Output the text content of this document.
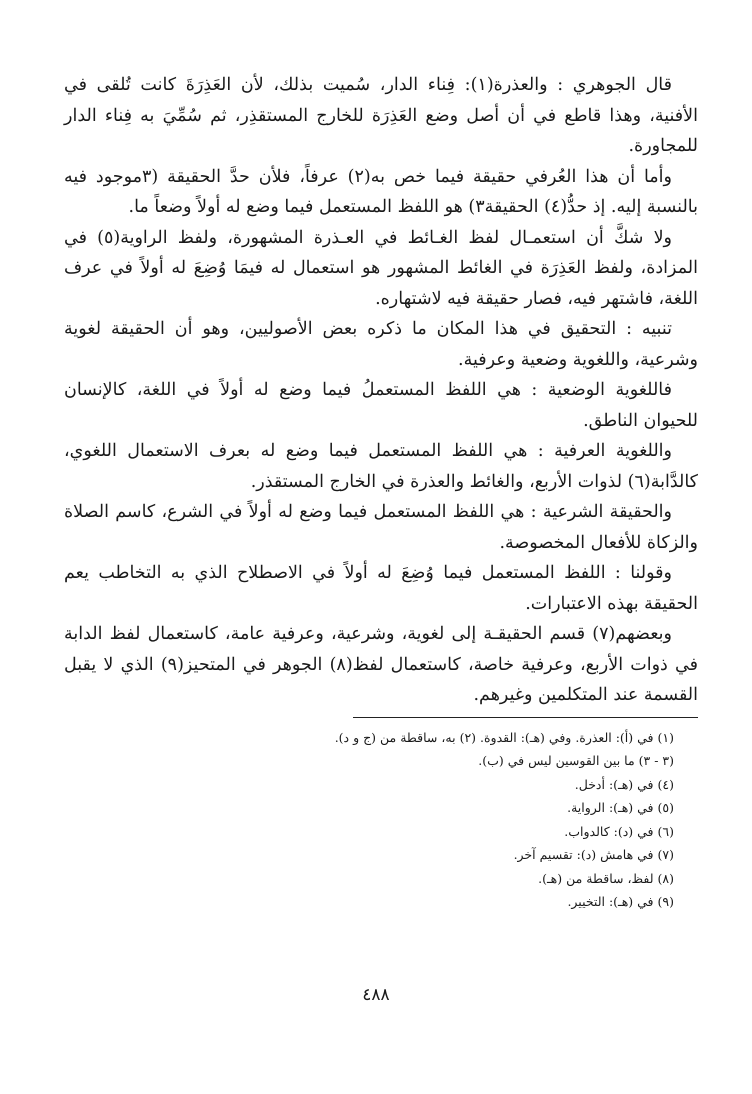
قال الجوهري : والعذرة(١): فِناء الدار، سُميت بذلك، لأن العَذِرَةَ كانت تُلقى في الأفنية، وهذا قاطع في أن أصل وضع العَذِرَة للخارج المستقذِر، ثم سُمِّيَ به فِناء الدار للمجاورة.

وأما أن هذا العُرفي حقيقة فيما خص به(٢) عرفاً، فلأن حدَّ الحقيقة (٣موجود فيه بالنسبة إليه. إذ حدُّ(٤) الحقيقة٣) هو اللفظ المستعمل فيما وضع له أولاً وضعاً ما.

ولا شكَّ أن استعمـال لفظ الغـائط في العـذرة المشهورة، ولفظ الراوية(٥) في المزادة، ولفظ العَذِرَة في الغائط المشهور هو استعمال له فيمَا وُضِعَ له أولاً في عرف اللغة، فاشتهر فيه، فصار حقيقة فيه لاشتهاره.

تنبيه : التحقيق في هذا المكان ما ذكره بعض الأصوليين، وهو أن الحقيقة لغوية وشرعية، واللغوية وضعية وعرفية.

فاللغوية الوضعية : هي اللفظ المستعملُ فيما وضع له أولاً في اللغة، كالإنسان للحيوان الناطق.

واللغوية العرفية : هي اللفظ المستعمل فيما وضع له بعرف الاستعمال اللغوي، كالدَّابة(٦) لذوات الأربع، والغائط والعذرة في الخارج المستقذر.

والحقيقة الشرعية : هي اللفظ المستعمل فيما وضع له أولاً في الشرع، كاسم الصلاة والزكاة للأفعال المخصوصة.

وقولنا : اللفظ المستعمل فيما وُضِعَ له أولاً في الاصطلاح الذي به التخاطب يعم الحقيقة بهذه الاعتبارات.

وبعضهم(٧) قسم الحقيقـة إلى لغوية، وشرعية، وعرفية عامة، كاستعمال لفظ الدابة في ذوات الأربع، وعرفية خاصة، كاستعمال لفظ(٨) الجوهر في المتحيز(٩) الذي لا يقبل القسمة عند المتكلمين وغيرهم.

(١) في (أ): العذرة. وفي (هـ): القدوة. (٢) به، ساقطة من (ج و د).

(٣ - ٣) ما بين القوسين ليس في (ب).

(٤) في (هـ): أدخل.

(٥) في (هـ): الرواية.

(٦) في (د): كالدواب.

(٧) في هامش (د): تقسيم آخر.

(٨) لفظ، ساقطة من (هـ).

(٩) في (هـ): التخيير.

٤٨٨
